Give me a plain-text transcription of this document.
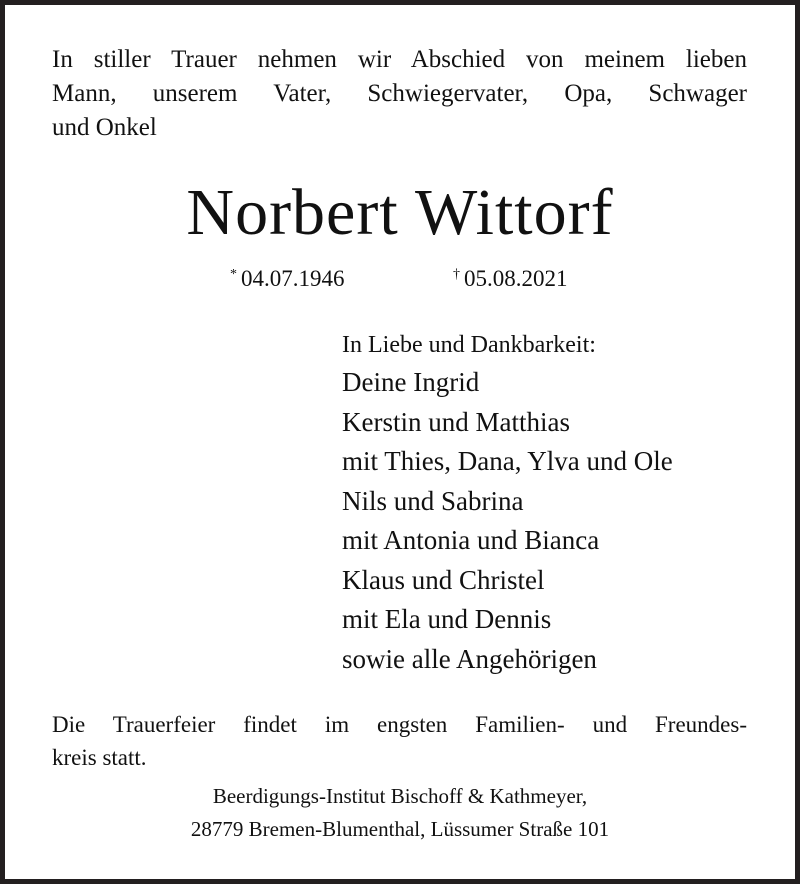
In stiller Trauer nehmen wir Abschied von meinem lieben
Mann, unserem Vater, Schwiegervater, Opa, Schwager
und Onkel
Norbert Wittorf
* 04.07.1946	† 05.08.2021
In Liebe und Dankbarkeit:
Deine Ingrid
Kerstin und Matthias
mit Thies, Dana, Ylva und Ole
Nils und Sabrina
mit Antonia und Bianca
Klaus und Christel
mit Ela und Dennis
sowie alle Angehörigen
Die Trauerfeier findet im engsten Familien- und Freundes-
kreis statt.
Beerdigungs-Institut Bischoff & Kathmeyer,
28779 Bremen-Blumenthal, Lüssumer Straße 101
